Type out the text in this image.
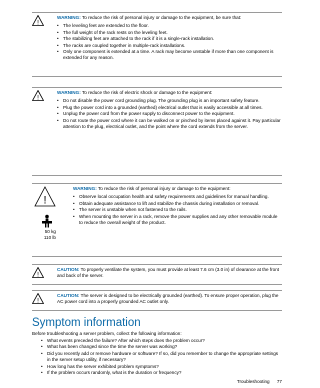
!
WARNING: To reduce the risk of personal injury or damage to the equipment, be sure that:
• The leveling feet are extended to the floor.
• The full weight of the rack rests on the leveling feet.
• The stabilizing feet are attached to the rack if it is a single-rack installation.
• The racks are coupled together in multiple-rack installations.
• Only one component is extended at a time. A rack may become unstable if more than one component is extended for any reason.
!
WARNING: To reduce the risk of electric shock or damage to the equipment:
• Do not disable the power cord grounding plug. The grounding plug is an important safety feature.
• Plug the power cord into a grounded (earthed) electrical outlet that is easily accessible at all times.
• Unplug the power cord from the power supply to disconnect power to the equipment.
• Do not route the power cord where it can be walked on or pinched by items placed against it. Pay particular attention to the plug, electrical outlet, and the point where the cord extends from the server.
!
50 kg
110 lb
WARNING: To reduce the risk of personal injury or damage to the equipment:
• Observe local occupation health and safety requirements and guidelines for manual handling.
• Obtain adequate assistance to lift and stabilize the chassis during installation or removal.
• The server is unstable when not fastened to the rails.
• When mounting the server in a rack, remove the power supplies and any other removable module to reduce the overall weight of the product.
!
CAUTION: To properly ventilate the system, you must provide at least 7.6 cm (3.0 in) of clearance at the front and back of the server.
!
CAUTION: The server is designed to be electrically grounded (earthed). To ensure proper operation, plug the AC power cord into a properly grounded AC outlet only.
Symptom information
Before troubleshooting a server problem, collect the following information:
• What events preceded the failure? After which steps does the problem occur?
• What has been changed since the time the server was working?
• Did you recently add or remove hardware or software? If so, did you remember to change the appropriate settings in the server setup utility, if necessary?
• How long has the server exhibited problem symptoms?
• If the problem occurs randomly, what is the duration or frequency?
Troubleshooting 77
